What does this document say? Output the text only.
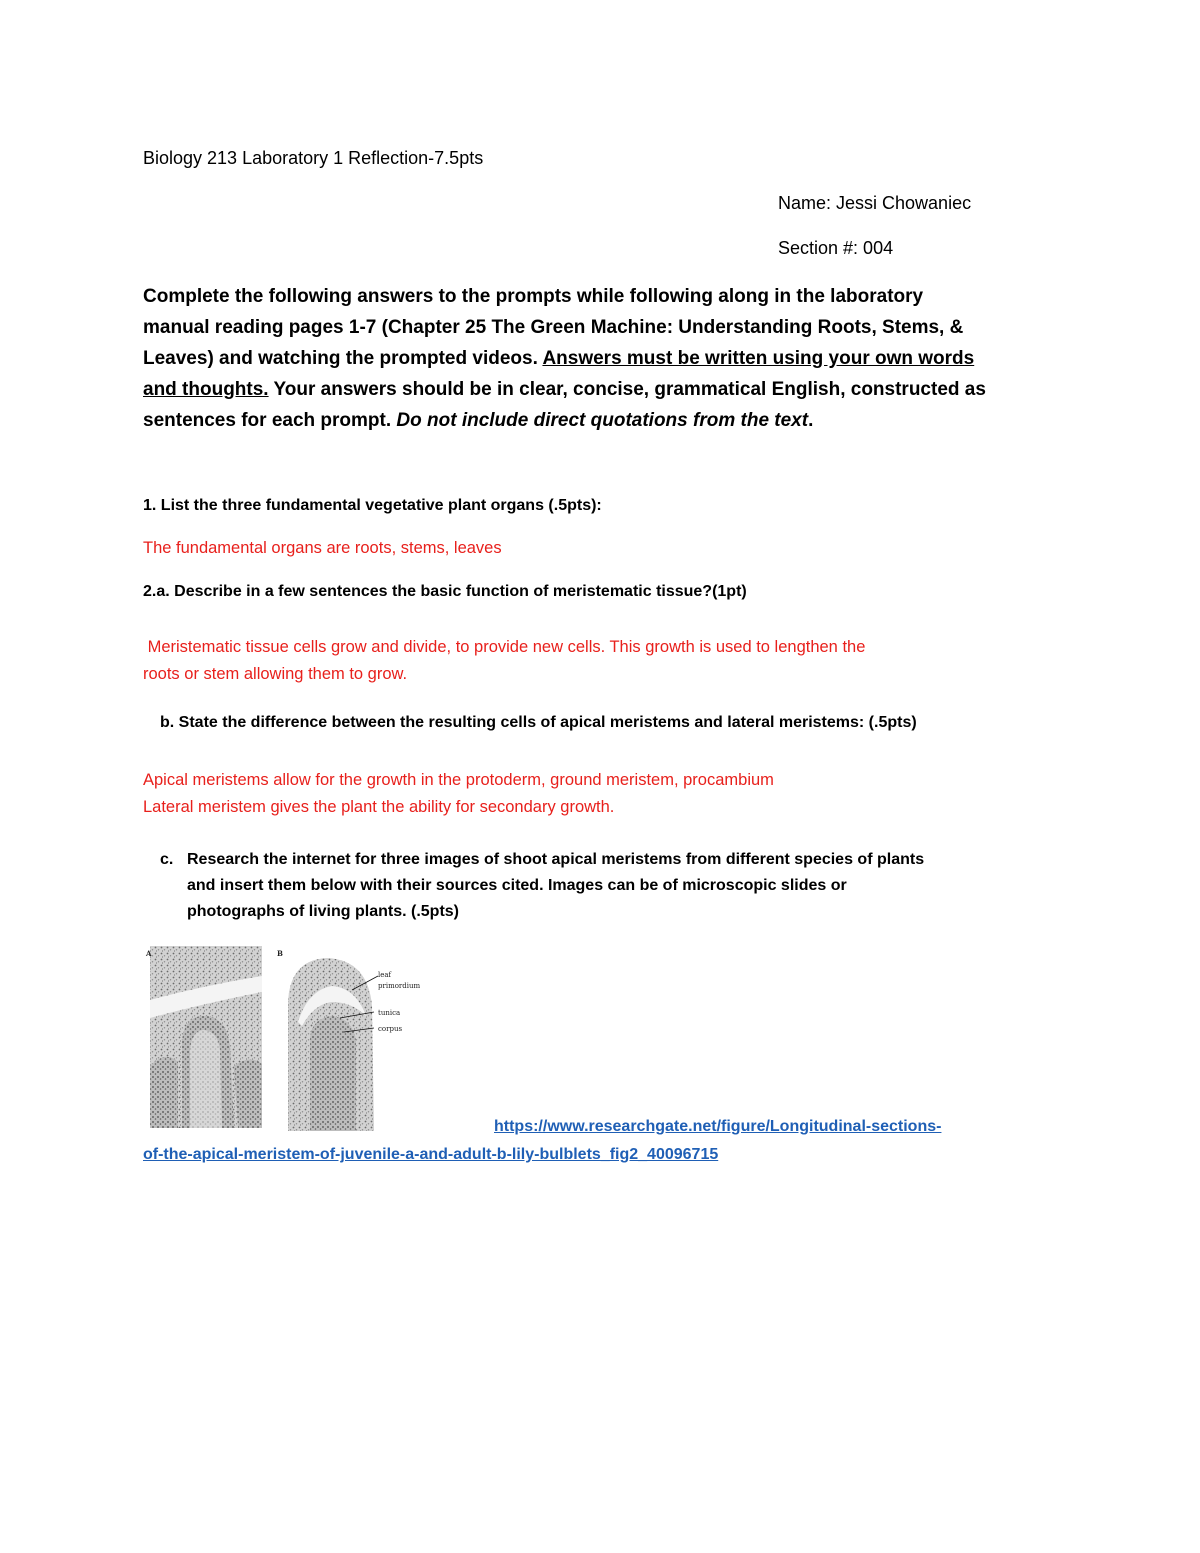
Biology 213 Laboratory 1 Reflection-7.5pts
Name: Jessi Chowaniec
Section #: 004
Complete the following answers to the prompts while following along in the laboratory
manual reading pages 1-7 (Chapter 25 The Green Machine: Understanding Roots, Stems, &
Leaves) and watching the prompted videos. Answers must be written using your own words
and thoughts. Your answers should be in clear, concise, grammatical English, constructed as
sentences for each prompt. Do not include direct quotations from the text.
1. List the three fundamental vegetative plant organs (.5pts):
The fundamental organs are roots, stems, leaves
2.a. Describe in a few sentences the basic function of meristematic tissue?(1pt)
Meristematic tissue cells grow and divide, to provide new cells. This growth is used to lengthen the
roots or stem allowing them to grow.
b. State the difference between the resulting cells of apical meristems and lateral meristems: (.5pts)
Apical meristems allow for the growth in the protoderm, ground meristem, procambium
Lateral meristem gives the plant the ability for secondary growth.
c. Research the internet for three images of shoot apical meristems from different species of plants
and insert them below with their sources cited. Images can be of microscopic slides or
photographs of living plants. (.5pts)
A	B
leaf
primordium
tunica
corpus
https://www.researchgate.net/figure/Longitudinal-sections-
of-the-apical-meristem-of-juvenile-a-and-adult-b-lily-bulblets_fig2_40096715
